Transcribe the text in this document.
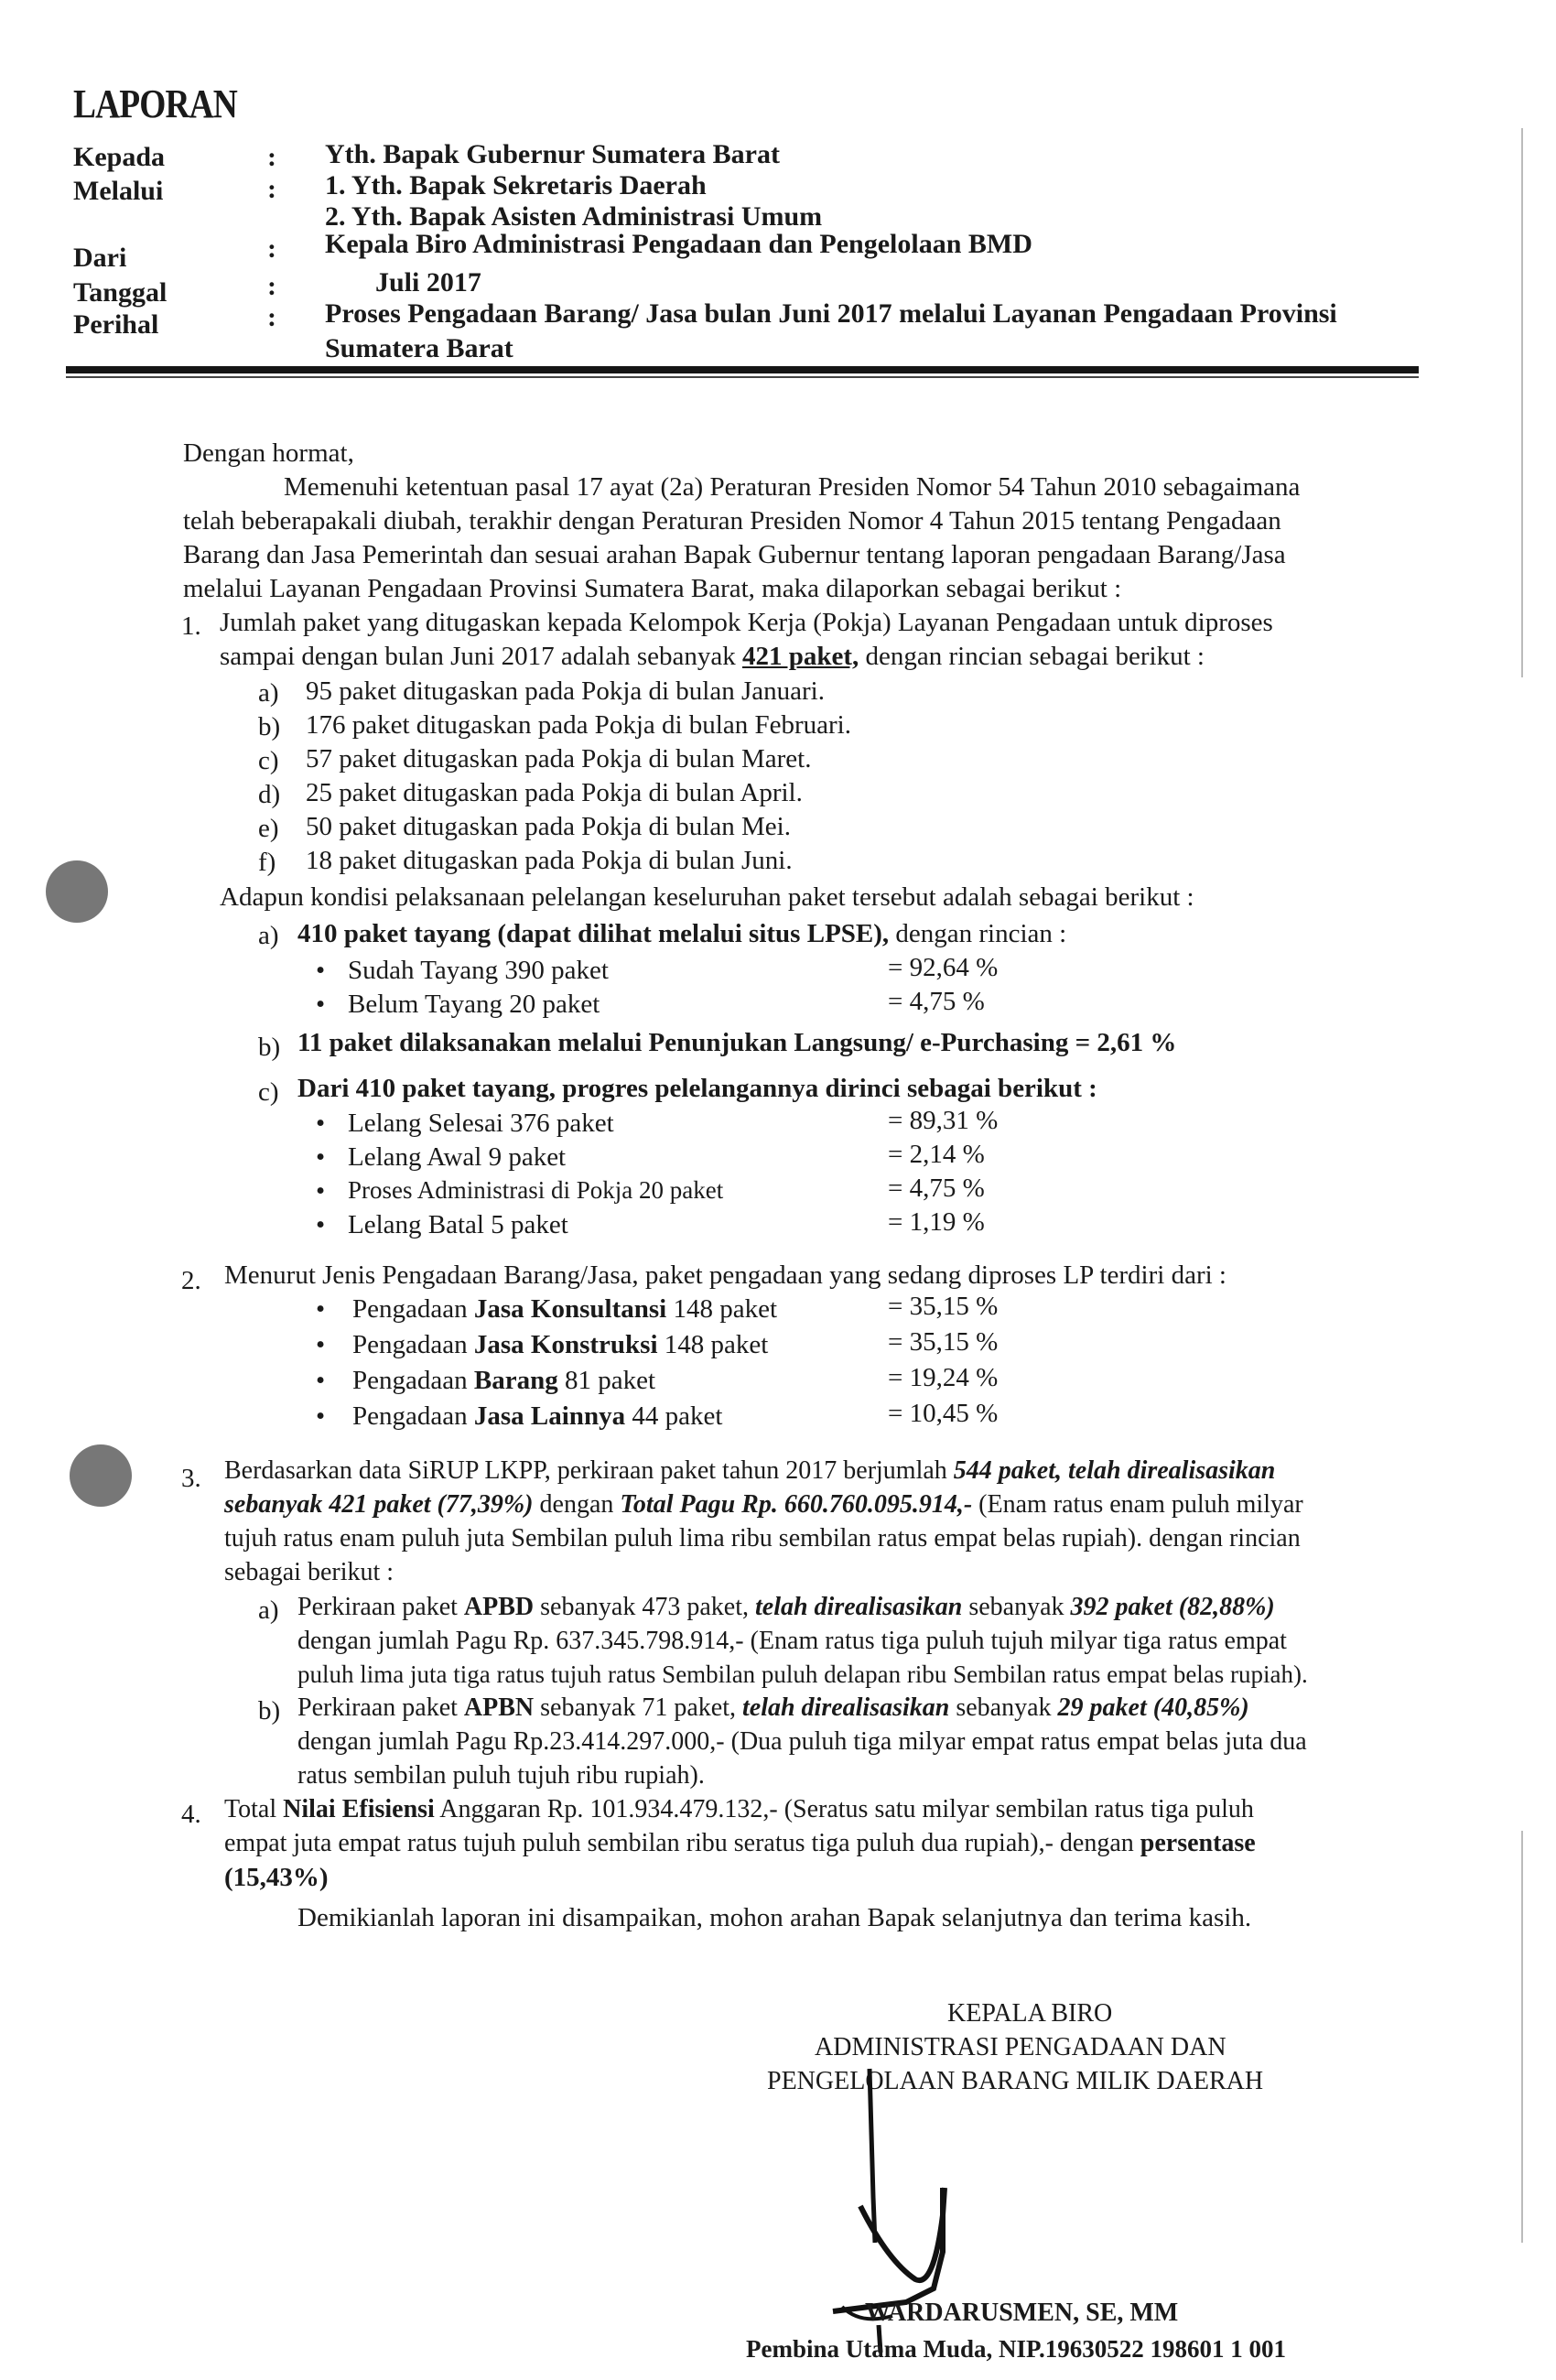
LAPORAN
Kepada	: Yth. Bapak Gubernur Sumatera Barat
Melalui	: 1. Yth. Bapak Sekretaris Daerah
2. Yth. Bapak Asisten Administrasi Umum
Dari	: Kepala Biro Administrasi Pengadaan dan Pengelolaan BMD
Tanggal	:	Juli 2017
Perihal	: Proses Pengadaan Barang/ Jasa bulan Juni 2017 melalui Layanan Pengadaan Provinsi
Sumatera Barat
Dengan hormat,
Memenuhi ketentuan pasal 17 ayat (2a) Peraturan Presiden Nomor 54 Tahun 2010 sebagaimana
telah beberapakali diubah, terakhir dengan Peraturan Presiden Nomor 4 Tahun 2015 tentang Pengadaan
Barang dan Jasa Pemerintah dan sesuai arahan Bapak Gubernur tentang laporan pengadaan Barang/Jasa
melalui Layanan Pengadaan Provinsi Sumatera Barat, maka dilaporkan sebagai berikut :
1. Jumlah paket yang ditugaskan kepada Kelompok Kerja (Pokja) Layanan Pengadaan untuk diproses
sampai dengan bulan Juni 2017 adalah sebanyak 421 paket, dengan rincian sebagai berikut :
a) 95 paket ditugaskan pada Pokja di bulan Januari.
b) 176 paket ditugaskan pada Pokja di bulan Februari.
c) 57 paket ditugaskan pada Pokja di bulan Maret.
d) 25 paket ditugaskan pada Pokja di bulan April.
e) 50 paket ditugaskan pada Pokja di bulan Mei.
f) 18 paket ditugaskan pada Pokja di bulan Juni.
Adapun kondisi pelaksanaan pelelangan keseluruhan paket tersebut adalah sebagai berikut :
a) 410 paket tayang (dapat dilihat melalui situs LPSE), dengan rincian :
• Sudah Tayang 390 paket	= 92,64 %
• Belum Tayang 20 paket	= 4,75 %
b) 11 paket dilaksanakan melalui Penunjukan Langsung/ e-Purchasing = 2,61 %
c) Dari 410 paket tayang, progres pelelangannya dirinci sebagai berikut :
• Lelang Selesai 376 paket	= 89,31 %
• Lelang Awal 9 paket	= 2,14 %
• Proses Administrasi di Pokja 20 paket	= 4,75 %
• Lelang Batal 5 paket	= 1,19 %
2. Menurut Jenis Pengadaan Barang/Jasa, paket pengadaan yang sedang diproses LP terdiri dari :
• Pengadaan Jasa Konsultansi 148 paket	= 35,15 %
• Pengadaan Jasa Konstruksi 148 paket	= 35,15 %
• Pengadaan Barang 81 paket	= 19,24 %
• Pengadaan Jasa Lainnya 44 paket	= 10,45 %
3. Berdasarkan data SiRUP LKPP, perkiraan paket tahun 2017 berjumlah 544 paket, telah direalisasikan
sebanyak 421 paket (77,39%) dengan Total Pagu Rp. 660.760.095.914,- (Enam ratus enam puluh milyar
tujuh ratus enam puluh juta Sembilan puluh lima ribu sembilan ratus empat belas rupiah). dengan rincian
sebagai berikut :
a) Perkiraan paket APBD sebanyak 473 paket, telah direalisasikan sebanyak 392 paket (82,88%)
dengan jumlah Pagu Rp. 637.345.798.914,- (Enam ratus tiga puluh tujuh milyar tiga ratus empat
puluh lima juta tiga ratus tujuh ratus Sembilan puluh delapan ribu Sembilan ratus empat belas rupiah).
b) Perkiraan paket APBN sebanyak 71 paket, telah direalisasikan sebanyak 29 paket (40,85%)
dengan jumlah Pagu Rp.23.414.297.000,- (Dua puluh tiga milyar empat ratus empat belas juta dua
ratus sembilan puluh tujuh ribu rupiah).
4. Total Nilai Efisiensi Anggaran Rp. 101.934.479.132,- (Seratus satu milyar sembilan ratus tiga puluh
empat juta empat ratus tujuh puluh sembilan ribu seratus tiga puluh dua rupiah),- dengan persentase
(15,43%)
Demikianlah laporan ini disampaikan, mohon arahan Bapak selanjutnya dan terima kasih.
KEPALA BIRO
ADMINISTRASI PENGADAAN DAN
PENGELOLAAN BARANG MILIK DAERAH
WARDARUSMEN, SE, MM
Pembina Utama Muda, NIP.19630522 198601 1 001
